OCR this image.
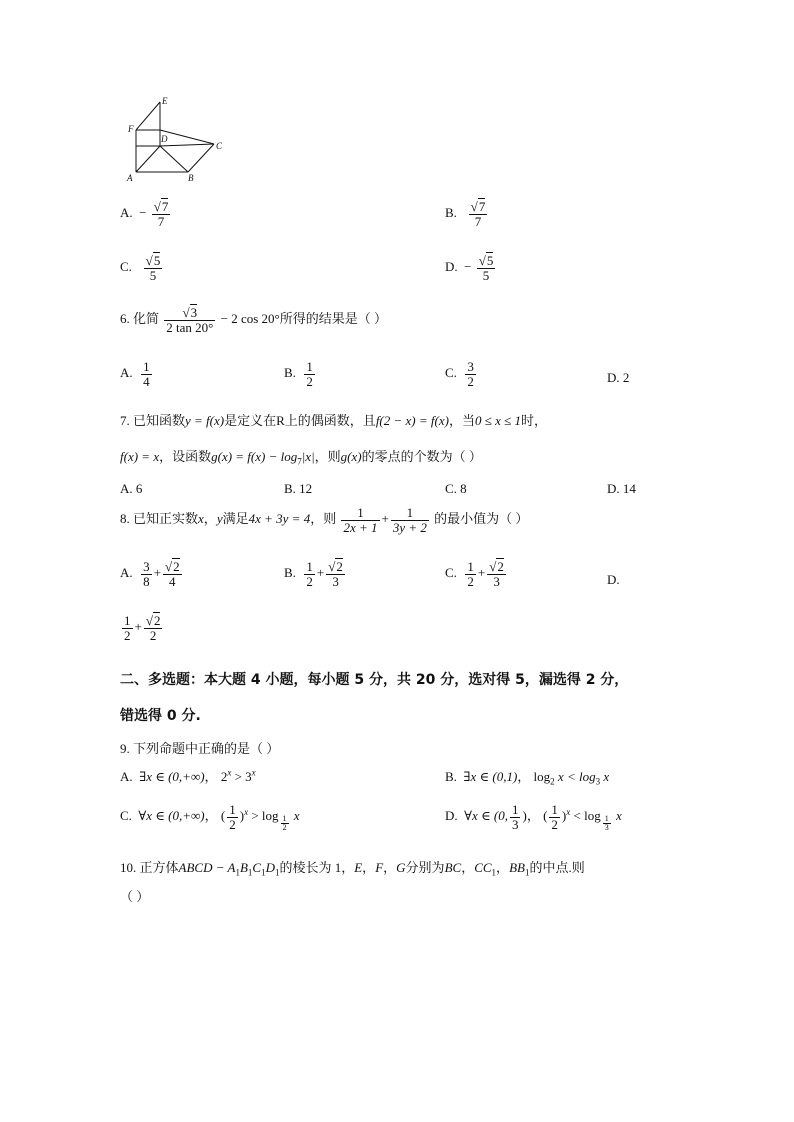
E
F
D
C
A	B
A. − $\frac{√7}{7}$	B. $\frac{√7}{7}$
C. $\frac{√5}{5}$	D. − $\frac{√5}{5}$
6. 化简 $\frac{√3}{2 \tan 20^\circ} - 2$ cos 20°所得的结果是（ ）
A. $\frac{1}{4}$	B. $\frac{1}{2}$	C. $\frac{3}{2}$	D. 2
7. 已知函数y = f(x)是定义在R上的偶函数，且f(2 − x) = f(x)，当0 ≤ x ≤ 1时，
f(x) = x，设函数$g(x) = f(x) - \log_7|x|$，则g(x)的零点的个数为（ ）
A. 6	B. 12	C. 8	D. 14
8. 已知正实数x，y满足4x + 3y = 4，则 $\frac{1}{2x + 1} + \frac{1}{3y + 2}$ 的最小值为（ ）
A. $\frac{3}{8} + \frac{√2}{4}$	B. $\frac{1}{2} + \frac{√2}{3}$	C. $\frac{1}{2} + \frac{√2}{3}$	D.
$\frac{1}{2} + \frac{√2}{2}$
二、多选题：本大题 4 小题，每小题 5 分，共 20 分，选对得 5，漏选得 2 分，
错选得 0 分.
9. 下列命题中正确的是（ ）
A. ∃x ∈ (0,+∞)， $2^x > 3^x$	B. ∃x ∈ (0,1)， $\log_2 x < \log_3 x$
C. ∀x ∈ (0,+∞)， ( $\frac{1}{2} )^x > \log \frac{1}{2}$ x	D. ∀x ∈ (0, $\frac{1}{3}$ )， ( $\frac{1}{2} )^x < \log \frac{1}{3}$ x
10. 正方体ABCD − $A_1B_1C_1D_1$的棱长为 1，E，F，G分别为BC，$CC_1$，$BB_1$的中点.则
（ ）
